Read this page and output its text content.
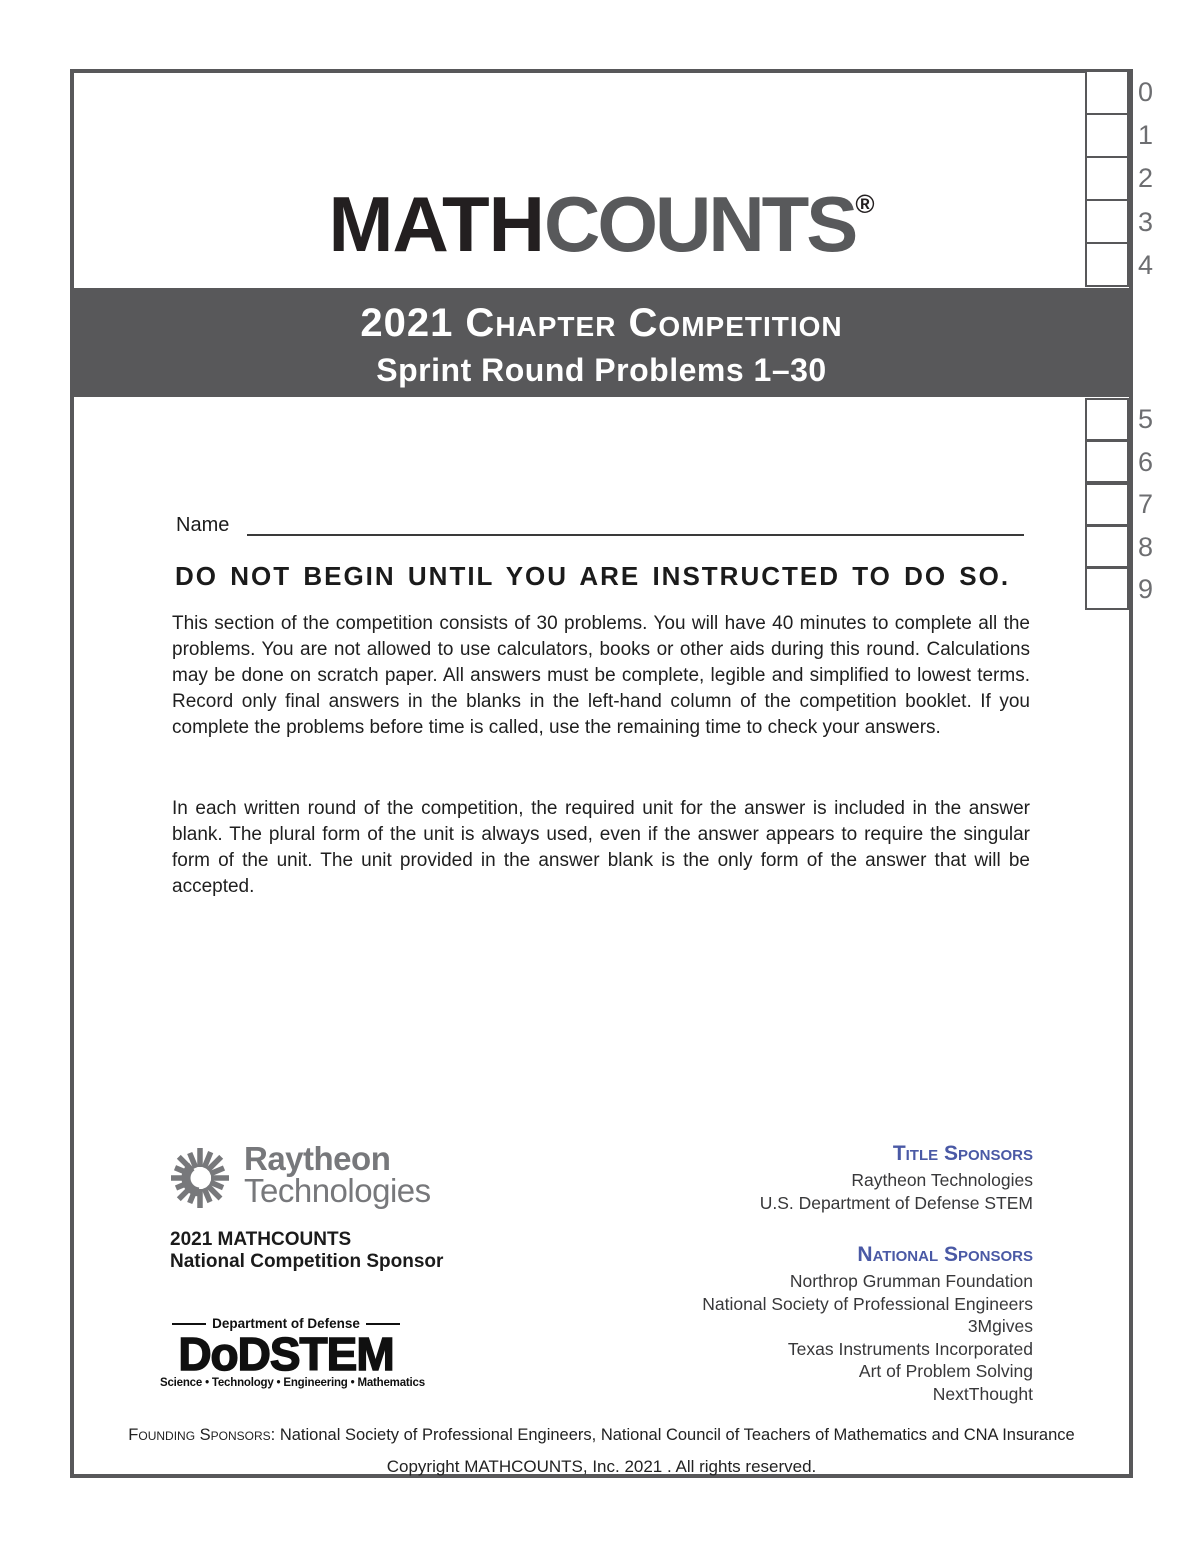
MATHCOUNTS®
2021 Chapter Competition
Sprint Round Problems 1–30
Name
DO NOT BEGIN UNTIL YOU ARE INSTRUCTED TO DO SO.
This section of the competition consists of 30 problems. You will have 40 minutes to complete all the problems. You are not allowed to use calculators, books or other aids during this round. Calculations may be done on scratch paper. All answers must be complete, legible and simplified to lowest terms. Record only final answers in the blanks in the left-hand column of the competition booklet. If you complete the problems before time is called, use the remaining time to check your answers.
In each written round of the competition, the required unit for the answer is included in the answer blank. The plural form of the unit is always used, even if the answer appears to require the singular form of the unit. The unit provided in the answer blank is the only form of the answer that will be accepted.
Raytheon
Technologies
2021 MATHCOUNTS
National Competition Sponsor
Department of Defense
DoDSTEM
Science • Technology • Engineering • Mathematics
Title Sponsors
Raytheon Technologies
U.S. Department of Defense STEM
National Sponsors
Northrop Grumman Foundation
National Society of Professional Engineers
3Mgives
Texas Instruments Incorporated
Art of Problem Solving
NextThought
Founding Sponsors: National Society of Professional Engineers, National Council of Teachers of Mathematics and CNA Insurance
Copyright MATHCOUNTS, Inc. 2021 . All rights reserved.
0
1
2
3
4
5
6
7
8
9
